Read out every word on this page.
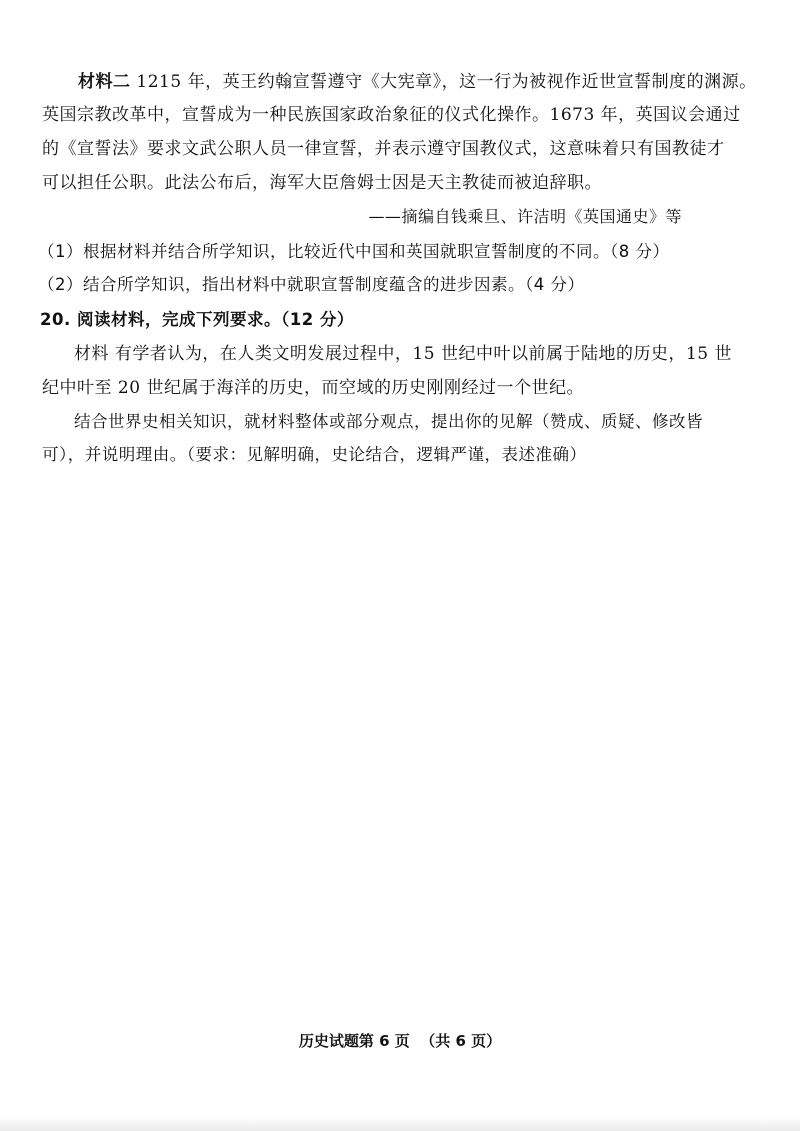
材料二 1215 年，英王约翰宣誓遵守《大宪章》，这一行为被视作近世宣誓制度的渊源。
英国宗教改革中，宣誓成为一种民族国家政治象征的仪式化操作。1673 年，英国议会通过
的《宣誓法》要求文武公职人员一律宣誓，并表示遵守国教仪式，这意味着只有国教徒才
可以担任公职。此法公布后，海军大臣詹姆士因是天主教徒而被迫辞职。
——摘编自钱乘旦、许洁明《英国通史》等
（1）根据材料并结合所学知识，比较近代中国和英国就职宣誓制度的不同。（8 分）
（2）结合所学知识，指出材料中就职宣誓制度蕴含的进步因素。（4 分）
20. 阅读材料，完成下列要求。（12 分）
材料 有学者认为，在人类文明发展过程中，15 世纪中叶以前属于陆地的历史，15 世
纪中叶至 20 世纪属于海洋的历史，而空域的历史刚刚经过一个世纪。
结合世界史相关知识，就材料整体或部分观点，提出你的见解（赞成、质疑、修改皆
可），并说明理由。（要求：见解明确，史论结合，逻辑严谨，表述准确）
历史试题第 6 页  （共 6 页）
